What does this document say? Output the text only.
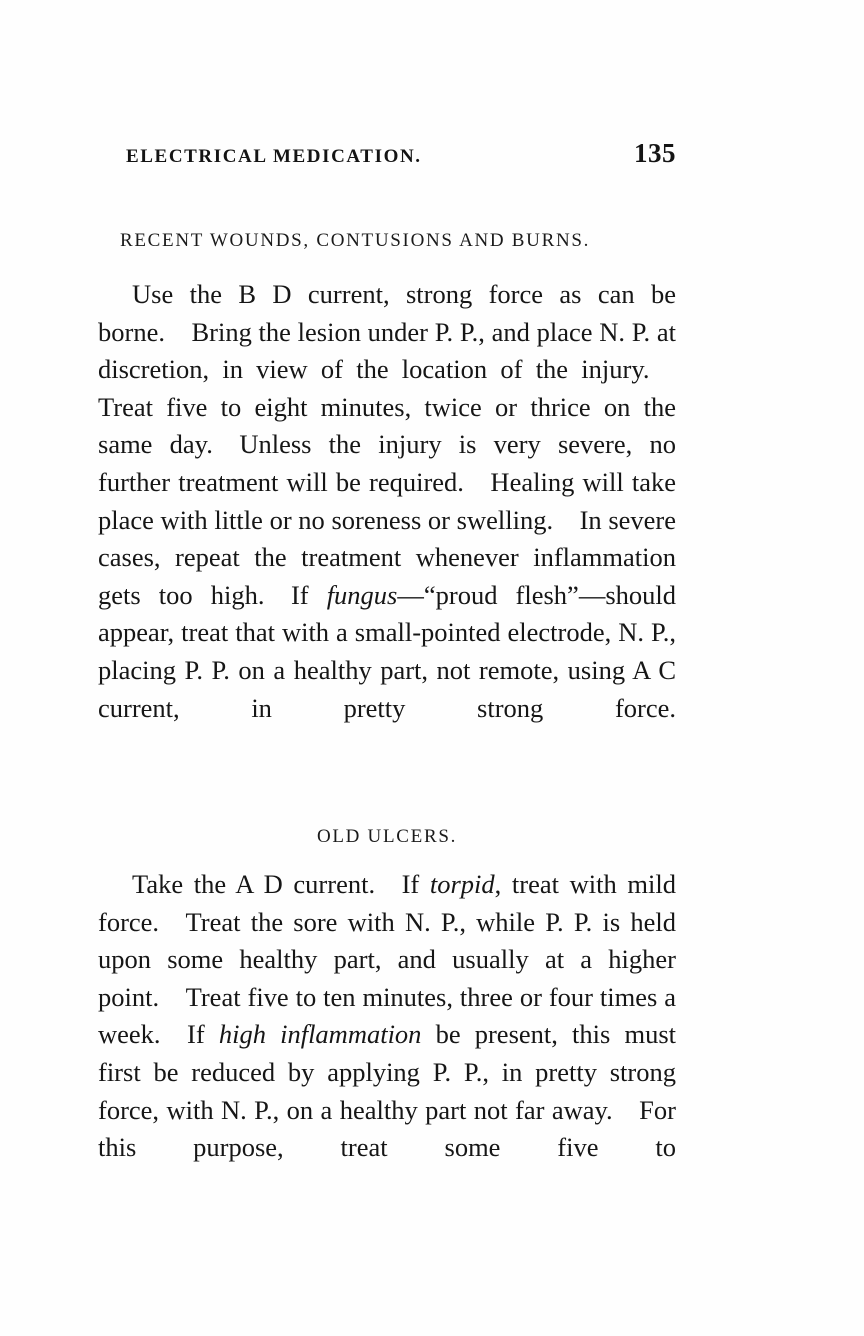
ELECTRICAL MEDICATION.	135
RECENT WOUNDS, CONTUSIONS AND BURNS.

Use the B D current, strong force as can be borne. Bring the lesion under P. P., and place N. P. at discretion, in view of the location of the injury. Treat five to eight minutes, twice or thrice on the same day. Unless the injury is very severe, no further treatment will be required. Healing will take place with little or no soreness or swelling. In severe cases, repeat the treatment whenever inflammation gets too high. If fungus—“proud flesh”—should appear, treat that with a small-pointed electrode, N. P., placing P. P. on a healthy part, not remote, using A C current, in pretty strong force.

OLD ULCERS.

Take the A D current. If torpid, treat with mild force. Treat the sore with N. P., while P. P. is held upon some healthy part, and usually at a higher point. Treat five to ten minutes, three or four times a week. If high inflammation be present, this must first be reduced by applying P. P., in pretty strong force, with N. P., on a healthy part not far away. For this purpose, treat some five to
